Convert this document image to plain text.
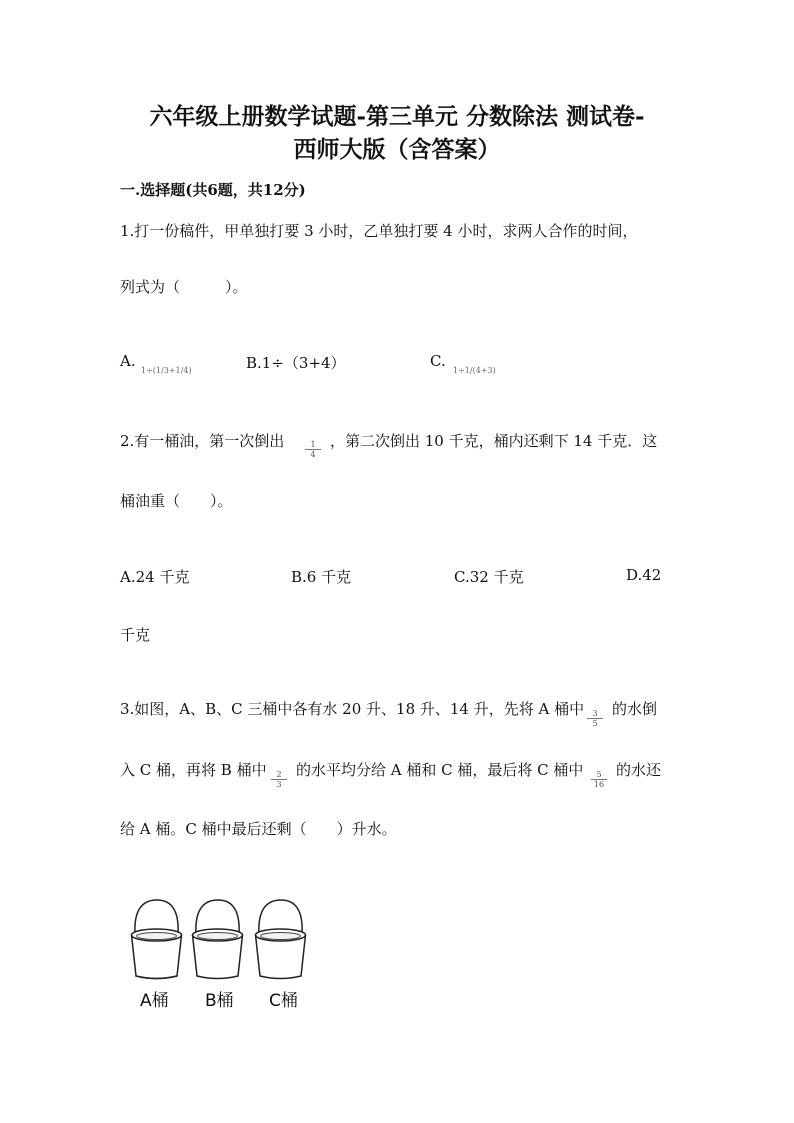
六年级上册数学试题-第三单元 分数除法 测试卷-
西师大版（含答案）
一.选择题(共6题，共12分)
1.打一份稿件，甲单独打要 3 小时，乙单独打要 4 小时，求两人合作的时间，
列式为（　　　）。
A.
1÷(1/3+1/4)	B.1÷（3+4）	C.
1÷1/(4+3)
2.有一桶油，第一次倒出	$\frac{1}{4}$ ，第二次倒出 10 千克，桶内还剩下 14 千克．这
桶油重（　　）。
A.24 千克	B.6 千克	C.32 千克	D.42
千克
3.如图，A、B、C 三桶中各有水 20 升、18 升、14 升，先将 A 桶中 $\frac{3}{5}$ 的水倒
入 C 桶，再将 B 桶中 $\frac{2}{3}$ 的水平均分给 A 桶和 C 桶，最后将 C 桶中 $\frac{5}{16}$ 的水还
给 A 桶。C 桶中最后还剩（　　）升水。
A桶 B桶 C桶
